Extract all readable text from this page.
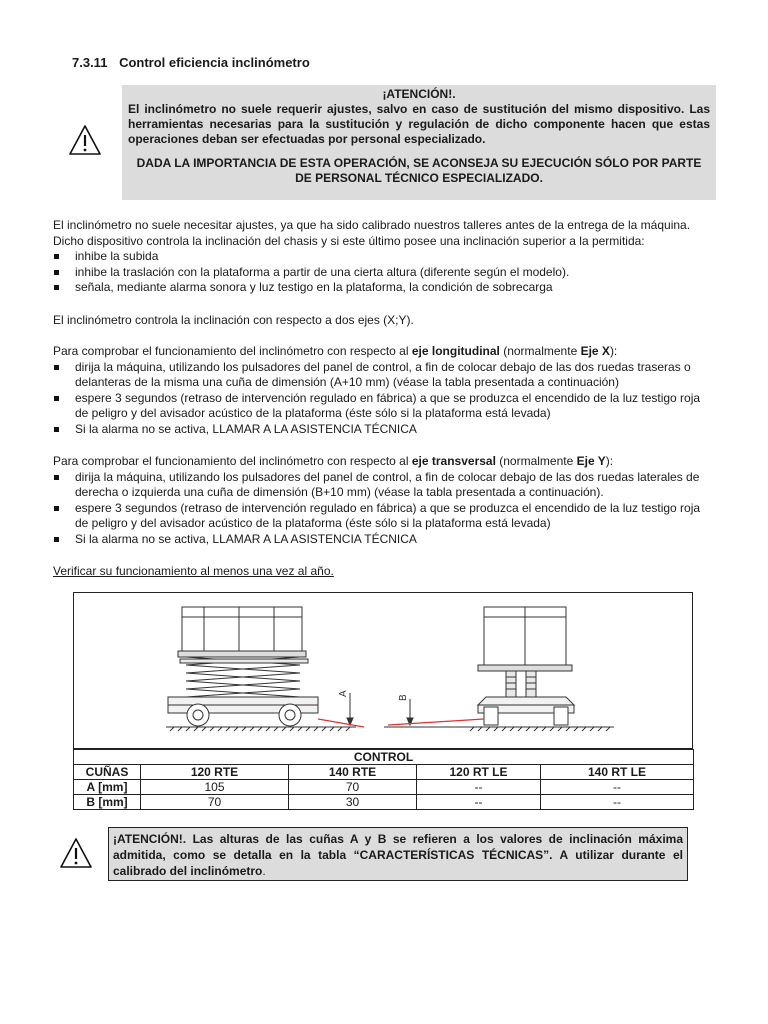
7.3.11 Control eficiencia inclinómetro
¡ATENCIÓN!.
El inclinómetro no suele requerir ajustes, salvo en caso de sustitución del mismo dispositivo. Las herramientas necesarias para la sustitución y regulación de dicho componente hacen que estas operaciones deban ser efectuadas por personal especializado.
DADA LA IMPORTANCIA DE ESTA OPERACIÓN, SE ACONSEJA SU EJECUCIÓN SÓLO POR PARTE DE PERSONAL TÉCNICO ESPECIALIZADO.

El inclinómetro no suele necesitar ajustes, ya que ha sido calibrado nuestros talleres antes de la entrega de la máquina.

Dicho dispositivo controla la inclinación del chasis y si este último posee una inclinación superior a la permitida:

inhibe la subida
inhibe la traslación con la plataforma a partir de una cierta altura (diferente según el modelo).
señala, mediante alarma sonora y luz testigo en la plataforma, la condición de sobrecarga

El inclinómetro controla la inclinación con respecto a dos ejes (X;Y).

Para comprobar el funcionamiento del inclinómetro con respecto al eje longitudinal (normalmente Eje X):

dirija la máquina, utilizando los pulsadores del panel de control, a fin de colocar debajo de las dos ruedas traseras o delanteras de la misma una cuña de dimensión (A+10 mm) (véase la tabla presentada a continuación)
espere 3 segundos (retraso de intervención regulado en fábrica) a que se produzca el encendido de la luz testigo roja de peligro y del avisador acústico de la plataforma (éste sólo si la plataforma está levada)
Si la alarma no se activa, LLAMAR A LA ASISTENCIA TÉCNICA

Para comprobar el funcionamiento del inclinómetro con respecto al eje transversal (normalmente Eje Y):

dirija la máquina, utilizando los pulsadores del panel de control, a fin de colocar debajo de las dos ruedas laterales de derecha o izquierda una cuña de dimensión (B+10 mm) (véase la tabla presentada a continuación).
espere 3 segundos (retraso de intervención regulado en fábrica) a que se produzca el encendido de la luz testigo roja de peligro y del avisador acústico de la plataforma (éste sólo si la plataforma está levada)
Si la alarma no se activa, LLAMAR A LA ASISTENCIA TÉCNICA

Verificar su funcionamiento al menos una vez al año.

A
B
CONTROL				
CUÑAS	120 RTE	140 RTE	120 RT LE	140 RT LE
A [mm]	105	70	--	--
B [mm]	70	30	--	--
¡ATENCIÓN!. Las alturas de las cuñas A y B se refieren a los valores de inclinación máxima admitida, como se detalla en la tabla “CARACTERÍSTICAS TÉCNICAS”. A utilizar durante el calibrado del inclinómetro.
